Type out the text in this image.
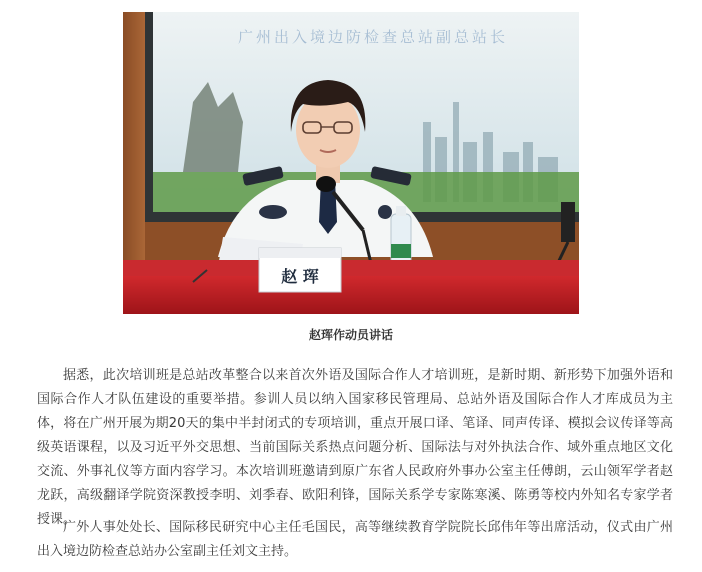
广州出入境边防检查总站副总站长
赵 珲
赵珲作动员讲话

据悉，此次培训班是总站改革整合以来首次外语及国际合作人才培训班，是新时期、新形势下加强外语和国际合作人才队伍建设的重要举措。参训人员以纳入国家移民管理局、总站外语及国际合作人才库成员为主体，将在广州开展为期20天的集中半封闭式的专项培训，重点开展口译、笔译、同声传译、模拟会议传译等高级英语课程，以及习近平外交思想、当前国际关系热点问题分析、国际法与对外执法合作、域外重点地区文化交流、外事礼仪等方面内容学习。本次培训班邀请到原广东省人民政府外事办公室主任傅朗，云山领军学者赵龙跃，高级翻译学院资深教授李明、刘季春、欧阳利锋，国际关系学专家陈寒溪、陈勇等校内外知名专家学者授课。

广外人事处处长、国际移民研究中心主任毛国民，高等继续教育学院院长邱伟年等出席活动，仪式由广州出入境边防检查总站办公室副主任刘文主持。
